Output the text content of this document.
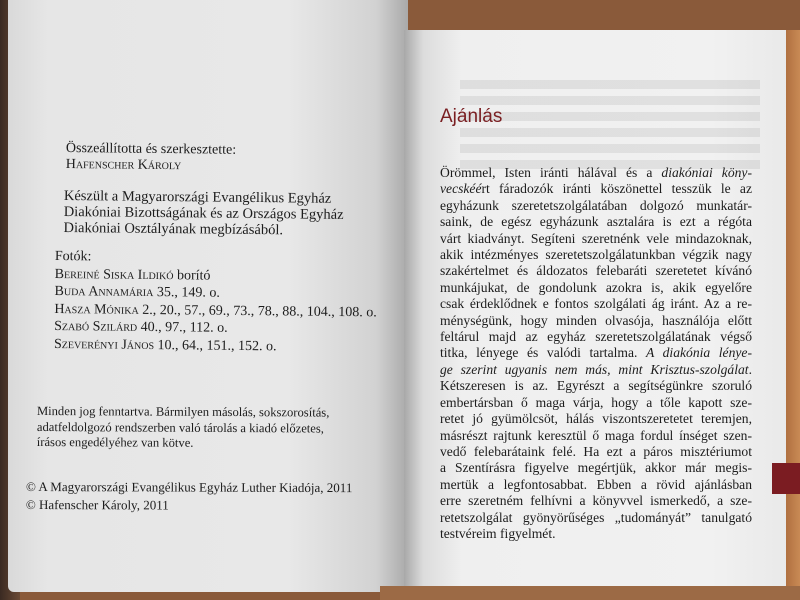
Összeállította és szerkesztette:
Hafenscher Károly
Készült a Magyarországi Evangélikus Egyház
Diakóniai Bizottságának és az Országos Egyház
Diakóniai Osztályának megbízásából.
Fotók:
Bereiné Siska Ildikó borító
Buda Annamária 35., 149. o.
Hasza Mónika 2., 20., 57., 69., 73., 78., 88., 104., 108. o.
Szabó Szilárd 40., 97., 112. o.
Szeverényi János 10., 64., 151., 152. o.
Minden jog fenntartva. Bármilyen másolás, sokszorosítás,
adatfeldolgozó rendszerben való tárolás a kiadó előzetes,
írásos engedélyéhez van kötve.
© A Magyarországi Evangélikus Egyház Luther Kiadója, 2011
© Hafenscher Károly, 2011
Ajánlás
Örömmel, Isten iránti hálával és a diakóniai köny-
vecskéért fáradozók iránti köszönettel tesszük le az
egyházunk szeretetszolgálatában dolgozó munkatár-
saink, de egész egyházunk asztalára is ezt a régóta
várt kiadványt. Segíteni szeretnénk vele mindazoknak,
akik intézményes szeretetszolgálatunkban végzik nagy
szakértelmet és áldozatos felebaráti szeretetet kívánó
munkájukat, de gondolunk azokra is, akik egyelőre
csak érdeklődnek e fontos szolgálati ág iránt. Az a re-
ménységünk, hogy minden olvasója, használója előtt
feltárul majd az egyház szeretetszolgálatának végső
titka, lényege és valódi tartalma. A diakónia lénye-
ge szerint ugyanis nem más, mint Krisztus-szolgálat.
Kétszeresen is az. Egyrészt a segítségünkre szoruló
embertársban ő maga várja, hogy a tőle kapott sze-
retet jó gyümölcsöt, hálás viszontszeretetet teremjen,
másrészt rajtunk keresztül ő maga fordul ínséget szen-
vedő felebarátaink felé. Ha ezt a páros misztériumot
a Szentírásra figyelve megértjük, akkor már megis-
mertük a legfontosabbat. Ebben a rövid ajánlásban
erre szeretném felhívni a könyvvel ismerkedő, a sze-
retetszolgálat gyönyörűséges „tudományát” tanulgató
testvéreim figyelmét.
